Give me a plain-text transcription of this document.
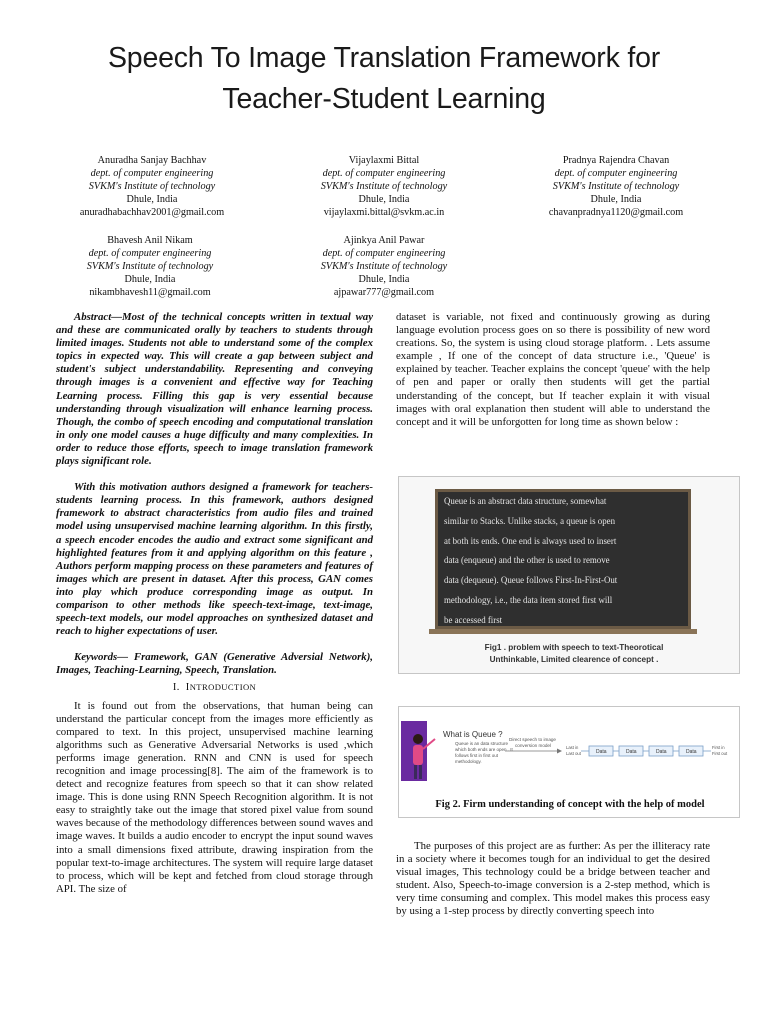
Speech To Image Translation Framework for
Teacher-Student Learning
Anuradha Sanjay Bachhav
dept. of computer engineering
SVKM's Institute of technology
Dhule, India
anuradhabachhav2001@gmail.com
Vijaylaxmi Bittal
dept. of computer engineering
SVKM's Institute of technology
Dhule, India
vijaylaxmi.bittal@svkm.ac.in
Pradnya Rajendra Chavan
dept. of computer engineering
SVKM's Institute of technology
Dhule, India
chavanpradnya1120@gmail.com
Bhavesh Anil Nikam
dept. of computer engineering
SVKM's Institute of technology
Dhule, India
nikambhavesh11@gmail.com
Ajinkya Anil Pawar
dept. of computer engineering
SVKM's Institute of technology
Dhule, India
ajpawar777@gmail.com

Abstract—Most of the technical concepts written in textual way and these are communicated orally by teachers to students through limited images. Students not able to understand some of the complex topics in expected way. This will create a gap between subject and student's subject understandability. Representing and conveying through images is a convenient and effective way for Teaching Learning process. Filling this gap is very essential because understanding through visualization will enhance learning process. Though, the combo of speech encoding and computational translation in only one model causes a huge difficulty and many complexities. In order to reduce those efforts, speech to image translation framework plays significant role.

With this motivation authors designed a framework for teachers-students learning process. In this framework, authors designed framework to abstract characteristics from audio files and trained model using unsupervised machine learning algorithm. In this firstly, a speech encoder encodes the audio and extract some significant and highlighted features from it and applying algorithm on this feature , Authors perform mapping process on these parameters and features of images which are present in dataset. After this process, GAN comes into play which produce corresponding image as output. In comparison to other methods like speech-text-image, text-image, speech-text models, our model approaches on synthesized dataset and reach to higher expectations of user.

Keywords— Framework, GAN (Generative Adversial Network), Images, Teaching-Learning, Speech, Translation.

I. INTRODUCTION

It is found out from the observations, that human being can understand the particular concept from the images more efficiently as compared to text. In this project, unsupervised machine learning algorithms such as Generative Adversarial Networks is used ,which performs image generation. RNN and CNN is used for speech recognition and image processing[8]. The aim of the framework is to detect and recognize features from speech so that it can show related image. This is done using RNN Speech Recognition algorithm. It is not easy to straightly take out the image that stored pixel value from sound waves because of the methodology differences between sound waves and image waves. It builds a audio encoder to encrypt the input sound waves into a small dimensions fixed attribute, drawing inspiration from the popular text-to-image architectures. The system will require large dataset to process, which will be kept and fetched from cloud storage through API. The size of

dataset is variable, not fixed and continuously growing as during language evolution process goes on so there is possibility of new word creations. So, the system is using cloud storage platform. . Lets assume example , If one of the concept of data structure i.e., 'Queue' is explained by teacher. Teacher explains the concept 'queue' with the help of pen and paper or orally then students will get the partial understanding of the concept, but If teacher explain it with visual images with oral explanation then student will able to understand the concept and it will be unforgotten for long time as shown below :

Queue is an abstract data structure, somewhat
similar to Stacks. Unlike stacks, a queue is open
at both its ends. One end is always used to insert
data (enqueue) and the other is used to remove
data (dequeue). Queue follows First-In-First-Out
methodology, i.e., the data item stored first will
be accessed first
Fig1 . problem with speech to text-Theorotical
Unthinkable, Limited clearence of concept .
What is Queue ?
Queue is an data structure
which both ends are open . It
follows first in first out
methodology.
Direct speech to image
conversion model	Last in
Last out	Data	Data	Data	Data
First in
First out
Fig 2. Firm understanding of concept with the help of model

The purposes of this project are as further: As per the illiteracy rate in a society where it becomes tough for an individual to get the desired visual images, This technology could be a bridge between teacher and student. Also, Speech-to-image conversion is a 2-step method, which is very time consuming and complex. This model makes this process easy by using a 1-step process by directly converting speech into
